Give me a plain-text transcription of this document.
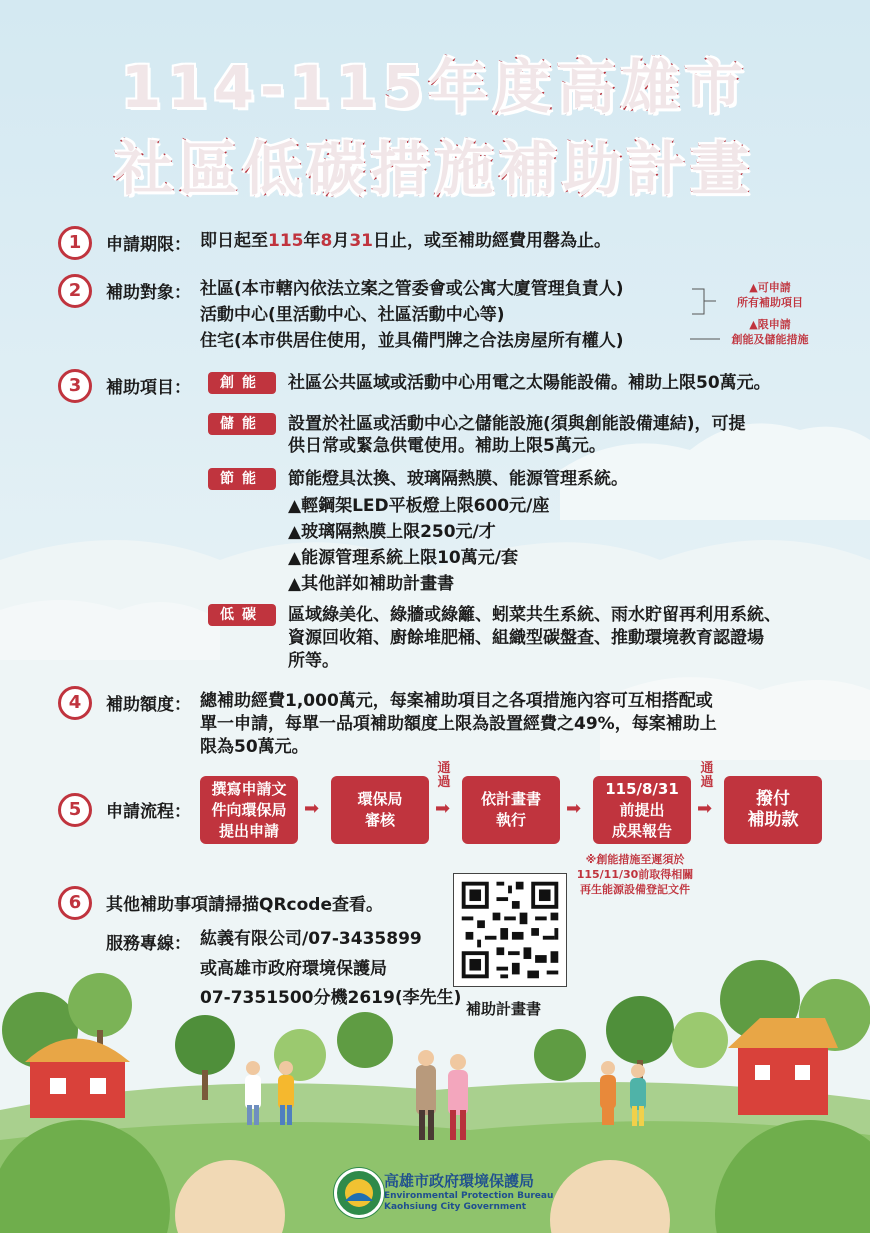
114-115年度高雄市
社區低碳措施補助計畫
1	申請期限： 即日起至115年8月31日止，或至補助經費用罄為止。
2	補助對象： 社區(本市轄內依法立案之管委會或公寓大廈管理負責人)
活動中心(里活動中心、社區活動中心等)
住宅(本市供居住使用，並具備門牌之合法房屋所有權人)
▲可申請
所有補助項目
▲限申請
創能及儲能措施
3	補助項目：	創能	社區公共區域或活動中心用電之太陽能設備。補助上限50萬元。
儲能	設置於社區或活動中心之儲能設施(須與創能設備連結)，可提
供日常或緊急供電使用。補助上限5萬元。
節能	節能燈具汰換、玻璃隔熱膜、能源管理系統。
▲輕鋼架LED平板燈上限600元/座
▲玻璃隔熱膜上限250元/才
▲能源管理系統上限10萬元/套
▲其他詳如補助計畫書
低碳	區域綠美化、綠牆或綠籬、蚓菜共生系統、雨水貯留再利用系統、
資源回收箱、廚餘堆肥桶、組織型碳盤查、推動環境教育認證場
所等。
4	補助額度： 總補助經費1,000萬元，每案補助項目之各項措施內容可互相搭配或
單一申請，每單一品項補助額度上限為設置經費之49%，每案補助上
限為50萬元。
5	申請流程：
撰寫申請文
件向環保局
提出申請
➡	環保局
審核
通過
➡	依計畫書
執行
➡
115/8/31
前提出
成果報告
通過
➡	撥付
補助款
※創能措施至遲須於
115/11/30前取得相關
再生能源設備登記文件
6	其他補助事項請掃描QRcode查看。
服務專線： 紘義有限公司/07-3435899
或高雄市政府環境保護局
07-7351500分機2619(李先生)
補助計畫書
高雄市政府環境保護局
Environmental Protection Bureau
Kaohsiung City Government
